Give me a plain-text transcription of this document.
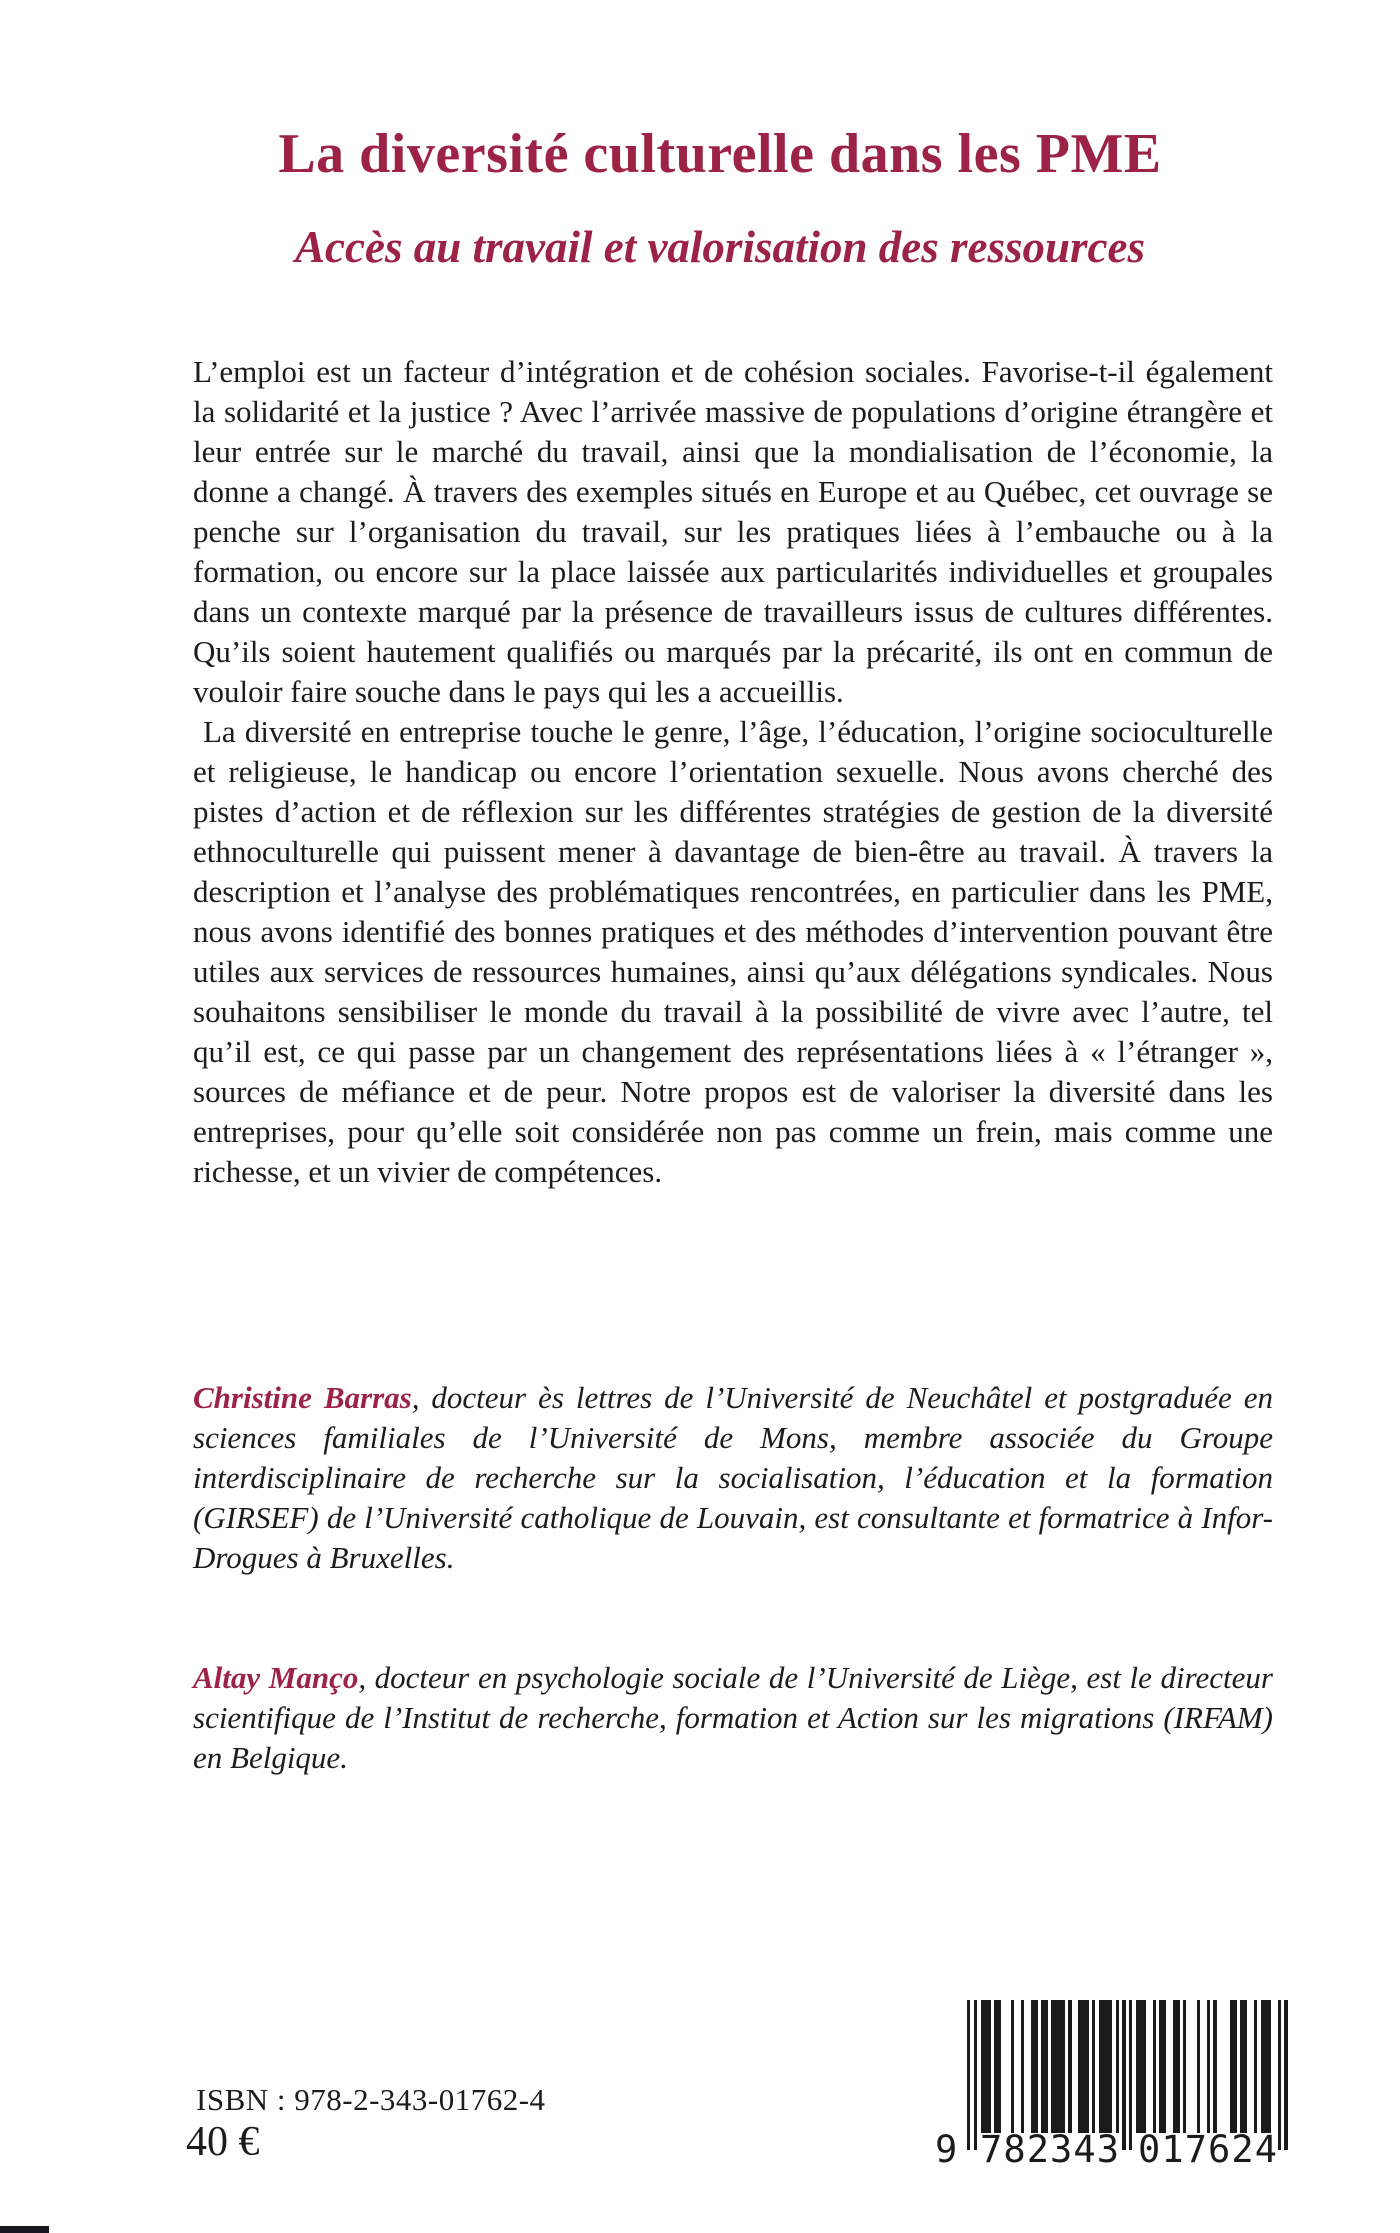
La diversité culturelle dans les PME
Accès au travail et valorisation des ressources

L’emploi est un facteur d’intégration et de cohésion sociales. Favorise-t-il également la solidarité et la justice ? Avec l’arrivée massive de populations d’origine étrangère et leur entrée sur le marché du travail, ainsi que la mondialisation de l’économie, la donne a changé. À travers des exemples situés en Europe et au Québec, cet ouvrage se penche sur l’organisation du travail, sur les pratiques liées à l’embauche ou à la formation, ou encore sur la place laissée aux particularités individuelles et groupales dans un contexte marqué par la présence de travailleurs issus de cultures différentes. Qu’ils soient hautement qualifiés ou marqués par la précarité, ils ont en commun de vouloir faire souche dans le pays qui les a accueillis.

La diversité en entreprise touche le genre, l’âge, l’éducation, l’origine socioculturelle et religieuse, le handicap ou encore l’orientation sexuelle. Nous avons cherché des pistes d’action et de réflexion sur les différentes stratégies de gestion de la diversité ethnoculturelle qui puissent mener à davantage de bien-être au travail. À travers la description et l’analyse des problématiques rencontrées, en particulier dans les PME, nous avons identifié des bonnes pratiques et des méthodes d’intervention pouvant être utiles aux services de ressources humaines, ainsi qu’aux délégations syndicales. Nous souhaitons sensibiliser le monde du travail à la possibilité de vivre avec l’autre, tel qu’il est, ce qui passe par un changement des représentations liées à « l’étranger », sources de méfiance et de peur. Notre propos est de valoriser la diversité dans les entreprises, pour qu’elle soit considérée non pas comme un frein, mais comme une richesse, et un vivier de compétences.

Christine Barras, docteur ès lettres de l’Université de Neuchâtel et postgraduée en sciences familiales de l’Université de Mons, membre associée du Groupe interdisciplinaire de recherche sur la socialisation, l’éducation et la formation (GIRSEF) de l’Université catholique de Louvain, est consultante et formatrice à Infor-Drogues à Bruxelles.

Altay Manço, docteur en psychologie sociale de l’Université de Liège, est le directeur scientifique de l’Institut de recherche, formation et Action sur les migrations (IRFAM) en Belgique.

ISBN : 978-2-343-01762-4
40 €	9 7 8 2 3 4 3 0 1 7 6 2 4
